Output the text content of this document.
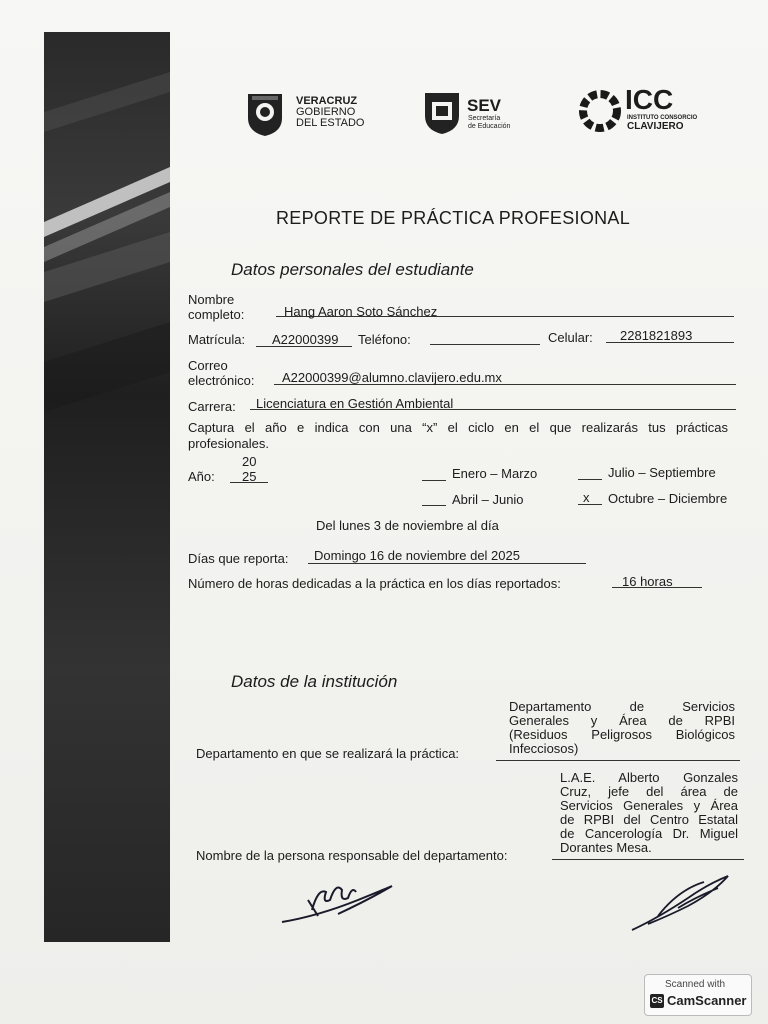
VERACRUZ
GOBIERNO
DEL ESTADO
SEV
Secretaría
de Educación
ICC
INSTITUTO CONSORCIO
CLAVIJERO
REPORTE DE PRÁCTICA PROFESIONAL
Datos personales del estudiante
Nombre
completo:	Hang Aaron Soto Sánchez
Matrícula: A22000399 Teléfono:	Celular: 2281821893
Correo
electrónico: A22000399@alumno.clavijero.edu.mx
Carrera: Licenciatura en Gestión Ambiental
Captura el año e indica con una “x” el ciclo en el que realizarás tus prácticas
profesionales.
20
Año: 25	Enero – Marzo	Julio – Septiembre
Abril – Junio	x Octubre – Diciembre
Del lunes 3 de noviembre al día
Días que reporta: Domingo 16 de noviembre del 2025
Número de horas dedicadas a la práctica en los días reportados:	16 horas
Datos de la institución
Departamento de Servicios
Generales y Área de RPBI
(Residuos Peligrosos Biológicos
Infecciosos)
Departamento en que se realizará la práctica:
L.A.E. Alberto Gonzales
Cruz, jefe del área de
Servicios Generales y Área
de RPBI del Centro Estatal
de Cancerología Dr. Miguel
Dorantes Mesa.
Nombre de la persona responsable del departamento:
Scanned with
CS CamScanner
